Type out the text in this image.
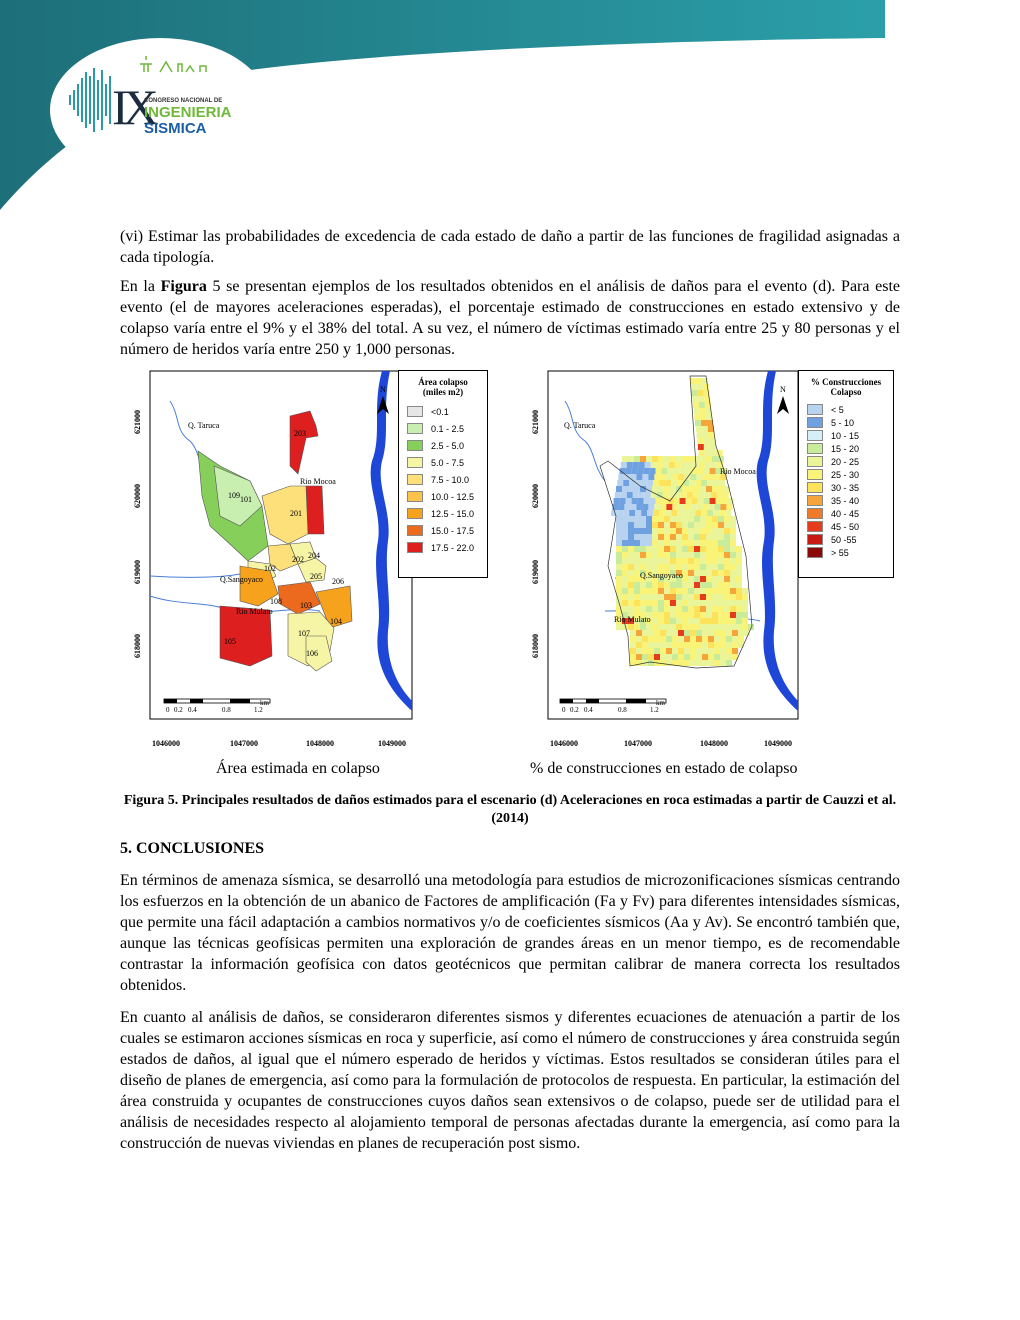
IX
CONGRESO NACIONAL DE
INGENIERIA
SISMICA

(vi) Estimar las probabilidades de excedencia de cada estado de daño a partir de las funciones de fragilidad asignadas a cada tipología.

En la Figura 5 se presentan ejemplos de los resultados obtenidos en el análisis de daños para el evento (d). Para este evento (el de mayores aceleraciones esperadas), el porcentaje estimado de construcciones en estado extensivo y de colapso varía entre el 9% y el 38% del total. A su vez, el número de víctimas estimado varía entre 25 y 80 personas y el número de heridos varía entre 250 y 1,000 personas.

109 101
201
204
202
203
205
206
102
108 103
104
105
107
106
Q. Taruca
Rio Mocoa
Q.Sangoyaco
Rio Mulato
N
0 0.2 0.4	0.8	1.2
km
1046000	1047000	1048000	1049000
621000
620000
619000
618000
Área colapso
(miles m2)
<0.1
0.1 - 2.5
2.5 - 5.0
5.0 - 7.5
7.5 - 10.0
10.0 - 12.5
12.5 - 15.0
15.0 - 17.5
17.5 - 22.0
Q. Taruca
Rio Mocoa
Q.Sangoyaco
Rio Mulato
N
0 0.2 0.4	0.8	1.2
km
1046000	1047000	1048000	1049000
621000
620000
619000
618000
% Construcciones
Colapso
< 5
5 - 10
10 - 15
15 - 20
20 - 25
25 - 30
30 - 35
35 - 40
40 - 45
45 - 50
50 -55
> 55
Área estimada en colapso	% de construcciones en estado de colapso
Figura 5. Principales resultados de daños estimados para el escenario (d) Aceleraciones en roca estimadas a partir de Cauzzi et al. (2014)
5. CONCLUSIONES

En términos de amenaza sísmica, se desarrolló una metodología para estudios de microzonificaciones sísmicas centrando los esfuerzos en la obtención de un abanico de Factores de amplificación (Fa y Fv) para diferentes intensidades sísmicas, que permite una fácil adaptación a cambios normativos y/o de coeficientes sísmicos (Aa y Av). Se encontró también que, aunque las técnicas geofísicas permiten una exploración de grandes áreas en un menor tiempo, es de recomendable contrastar la información geofísica con datos geotécnicos que permitan calibrar de manera correcta los resultados obtenidos.

En cuanto al análisis de daños, se consideraron diferentes sismos y diferentes ecuaciones de atenuación a partir de los cuales se estimaron acciones sísmicas en roca y superficie, así como el número de construcciones y área construida según estados de daños, al igual que el número esperado de heridos y víctimas. Estos resultados se consideran útiles para el diseño de planes de emergencia, así como para la formulación de protocolos de respuesta. En particular, la estimación del área construida y ocupantes de construcciones cuyos daños sean extensivos o de colapso, puede ser de utilidad para el análisis de necesidades respecto al alojamiento temporal de personas afectadas durante la emergencia, así como para la construcción de nuevas viviendas en planes de recuperación post sismo.
